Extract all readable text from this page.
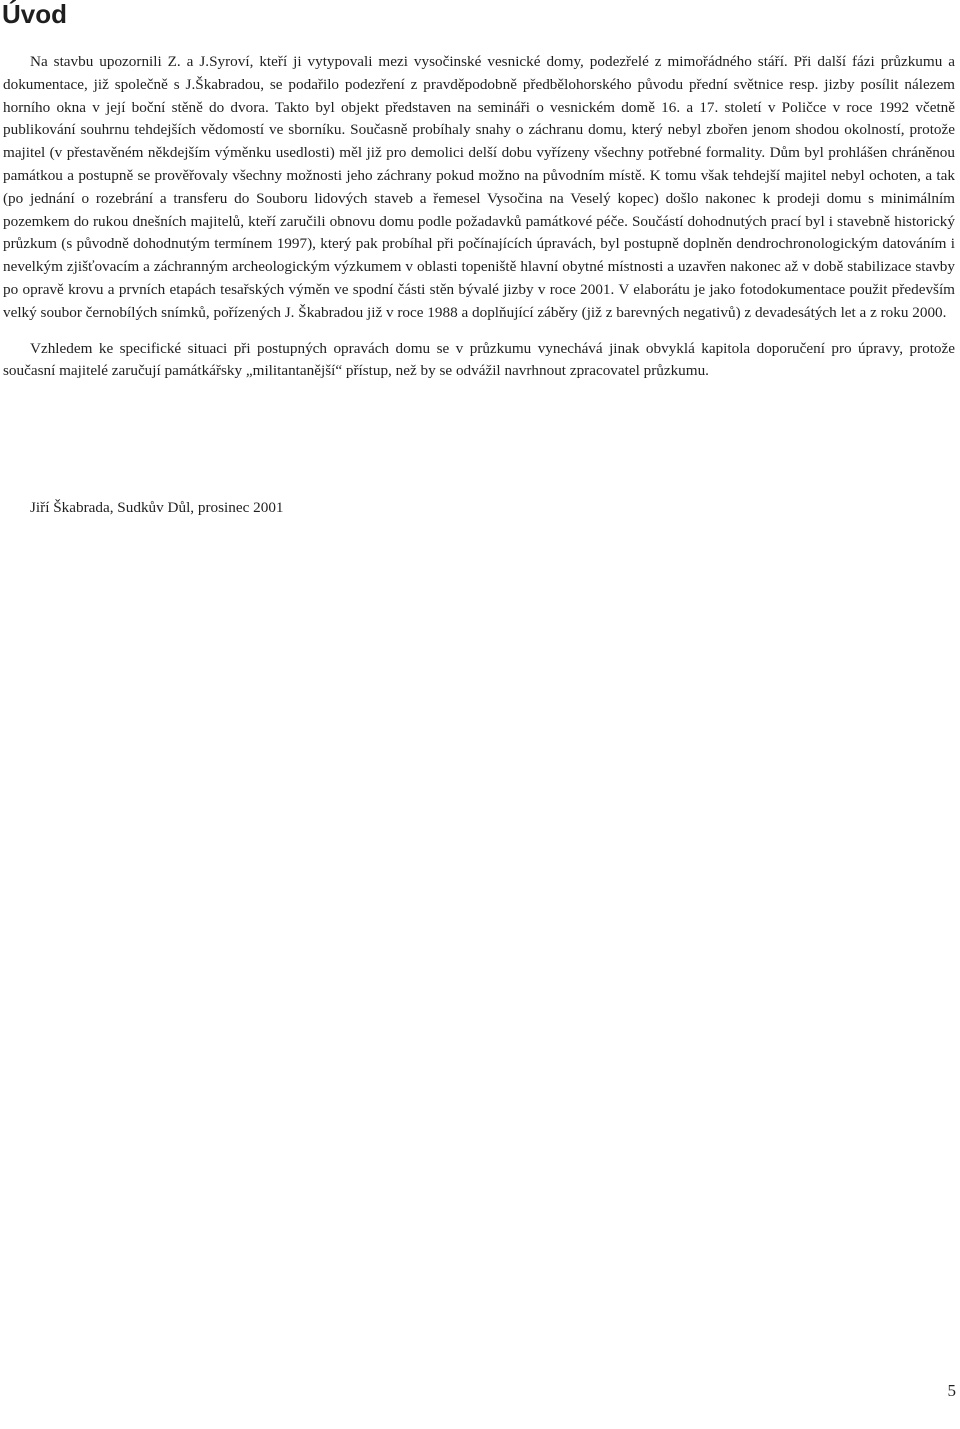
Úvod

Na stavbu upozornili Z. a J.Syroví, kteří ji vytypovali mezi vysočinské vesnické domy, podezřelé z mimořádného stáří. Při další fázi průzkumu a dokumentace, již společně s J.Škabradou, se podařilo podezření z pravděpodobně předbělohorského původu přední světnice resp. jizby posílit nálezem horního okna v její boční stěně do dvora. Takto byl objekt představen na semináři o vesnickém domě 16. a 17. století v Poličce v roce 1992 včetně publikování souhrnu tehdejších vědomostí ve sborníku. Současně probíhaly snahy o záchranu domu, který nebyl zbořen jenom shodou okolností, protože majitel (v přestavěném někdejším výměnku usedlosti) měl již pro demolici delší dobu vyřízeny všechny potřebné formality. Dům byl prohlášen chráněnou památkou a postupně se prověřovaly všechny možnosti jeho záchrany pokud možno na původním místě. K tomu však tehdejší majitel nebyl ochoten, a tak (po jednání o rozebrání a transferu do Souboru lidových staveb a řemesel Vysočina na Veselý kopec) došlo nakonec k prodeji domu s minimálním pozemkem do rukou dnešních majitelů, kteří zaručili obnovu domu podle požadavků památkové péče. Součástí dohodnutých prací byl i stavebně historický průzkum (s původně dohodnutým termínem 1997), který pak probíhal při počínajících úpravách, byl postupně doplněn dendrochronologickým datováním i nevelkým zjišťovacím a záchranným archeologickým výzkumem v oblasti topeniště hlavní obytné místnosti a uzavřen nakonec až v době stabilizace stavby po opravě krovu a prvních etapách tesařských výměn ve spodní části stěn bývalé jizby v roce 2001. V elaborátu je jako fotodokumentace použit především velký soubor černobílých snímků, pořízených J. Škabradou již v roce 1988 a doplňující záběry (již z barevných negativů) z devadesátých let a z roku 2000.

Vzhledem ke specifické situaci při postupných opravách domu se v průzkumu vynechává jinak obvyklá kapitola doporučení pro úpravy, protože současní majitelé zaručují památkářsky „militantanější“ přístup, než by se odvážil navrhnout zpracovatel průzkumu.

Jiří Škabrada, Sudkův Důl, prosinec 2001
5
